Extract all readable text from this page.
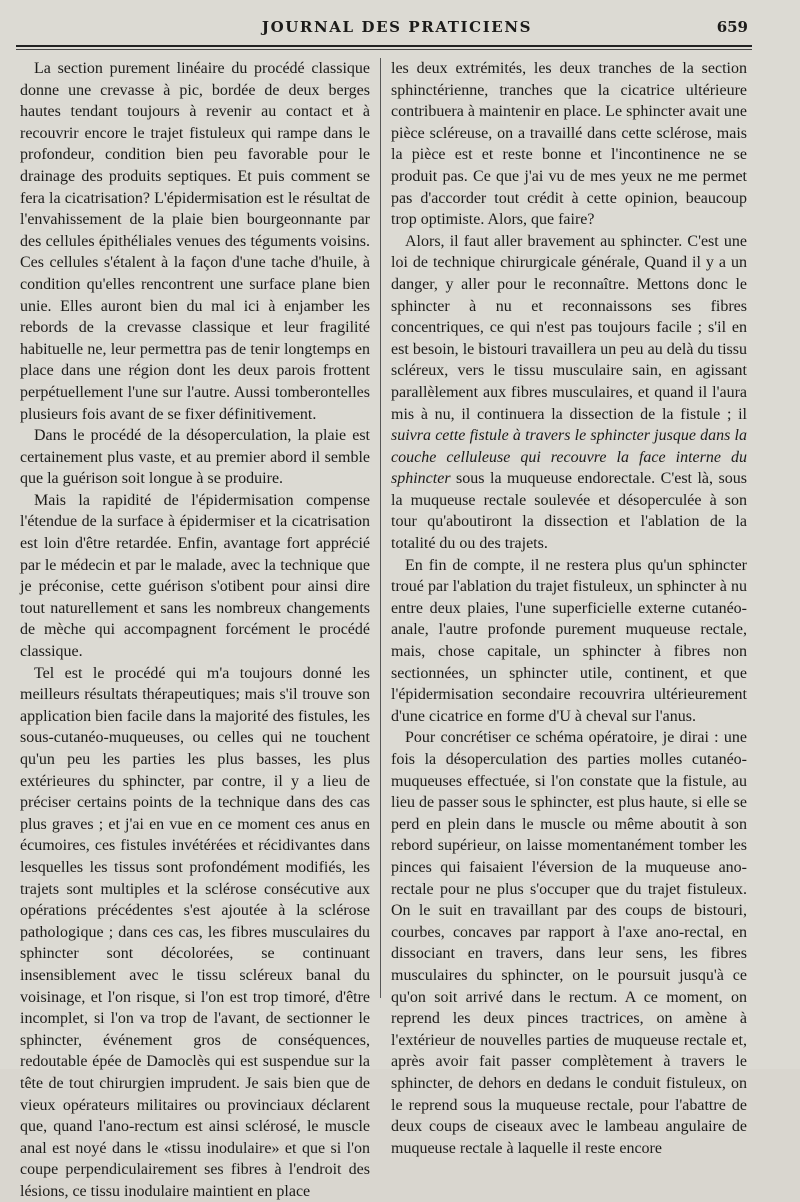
JOURNAL DES PRATICIENS	659

La section purement linéaire du procédé classique donne une crevasse à pic, bordée de deux berges hautes tendant toujours à revenir au contact et à recouvrir encore le trajet fistuleux qui rampe dans le profondeur, condition bien peu favorable pour le drainage des produits septiques. Et puis comment se fera la cicatrisation? L'épidermisation est le résultat de l'envahissement de la plaie bien bourgeonnante par des cellules épithéliales venues des téguments voisins. Ces cellules s'étalent à la façon d'une tache d'huile, à condition qu'elles rencontrent une surface plane bien unie. Elles auront bien du mal ici à enjamber les rebords de la crevasse classique et leur fragilité habituelle ne, leur permettra pas de tenir longtemps en place dans une région dont les deux parois frottent perpétuellement l'une sur l'autre. Aussi tomberontelles plusieurs fois avant de se fixer définitivement.

Dans le procédé de la désoperculation, la plaie est certainement plus vaste, et au premier abord il semble que la guérison soit longue à se produire.

Mais la rapidité de l'épidermisation compense l'étendue de la surface à épidermiser et la cicatrisation est loin d'être retardée. Enfin, avantage fort apprécié par le médecin et par le malade, avec la technique que je préconise, cette guérison s'otibent pour ainsi dire tout naturellement et sans les nombreux changements de mèche qui accompagnent forcément le procédé classique.

Tel est le procédé qui m'a toujours donné les meilleurs résultats thérapeutiques; mais s'il trouve son application bien facile dans la majorité des fistules, les sous-cutanéo-muqueuses, ou celles qui ne touchent qu'un peu les parties les plus basses, les plus extérieures du sphincter, par contre, il y a lieu de préciser certains points de la technique dans des cas plus graves ; et j'ai en vue en ce moment ces anus en écumoires, ces fistules invétérées et récidivantes dans lesquelles les tissus sont profondément modifiés, les trajets sont multiples et la sclérose consécutive aux opérations précédentes s'est ajoutée à la sclérose pathologique ; dans ces cas, les fibres musculaires du sphincter sont décolorées, se continuant insensiblement avec le tissu scléreux banal du voisinage, et l'on risque, si l'on est trop timoré, d'être incomplet, si l'on va trop de l'avant, de sectionner le sphincter, événement gros de conséquences, redoutable épée de Damoclès qui est suspendue sur la tête de tout chirurgien imprudent. Je sais bien que de vieux opérateurs militaires ou provinciaux déclarent que, quand l'ano-rectum est ainsi sclérosé, le muscle anal est noyé dans le «tissu inodulaire» et que si l'on coupe perpendiculairement ses fibres à l'endroit des lésions, ce tissu inodulaire maintient en place

les deux extrémités, les deux tranches de la section sphinctérienne, tranches que la cicatrice ultérieure contribuera à maintenir en place. Le sphincter avait une pièce scléreuse, on a travaillé dans cette sclérose, mais la pièce est et reste bonne et l'incontinence ne se produit pas. Ce que j'ai vu de mes yeux ne me permet pas d'accorder tout crédit à cette opinion, beaucoup trop optimiste. Alors, que faire?

Alors, il faut aller bravement au sphincter. C'est une loi de technique chirurgicale générale, Quand il y a un danger, y aller pour le reconnaître. Mettons donc le sphincter à nu et reconnaissons ses fibres concentriques, ce qui n'est pas toujours facile ; s'il en est besoin, le bistouri travaillera un peu au delà du tissu scléreux, vers le tissu musculaire sain, en agissant parallèlement aux fibres musculaires, et quand il l'aura mis à nu, il continuera la dissection de la fistule ; il suivra cette fistule à travers le sphincter jusque dans la couche celluleuse qui recouvre la face interne du sphincter sous la muqueuse endorectale. C'est là, sous la muqueuse rectale soulevée et désoperculée à son tour qu'aboutiront la dissection et l'ablation de la totalité du ou des trajets.

En fin de compte, il ne restera plus qu'un sphincter troué par l'ablation du trajet fistuleux, un sphincter à nu entre deux plaies, l'une superficielle externe cutanéo-anale, l'autre profonde purement muqueuse rectale, mais, chose capitale, un sphincter à fibres non sectionnées, un sphincter utile, continent, et que l'épidermisation secondaire recouvrira ultérieurement d'une cicatrice en forme d'U à cheval sur l'anus.

Pour concrétiser ce schéma opératoire, je dirai : une fois la désoperculation des parties molles cutanéo-muqueuses effectuée, si l'on constate que la fistule, au lieu de passer sous le sphincter, est plus haute, si elle se perd en plein dans le muscle ou même aboutit à son rebord supérieur, on laisse momentanément tomber les pinces qui faisaient l'éversion de la muqueuse ano-rectale pour ne plus s'occuper que du trajet fistuleux. On le suit en travaillant par des coups de bistouri, courbes, concaves par rapport à l'axe ano-rectal, en dissociant en travers, dans leur sens, les fibres musculaires du sphincter, on le poursuit jusqu'à ce qu'on soit arrivé dans le rectum. A ce moment, on reprend les deux pinces tractrices, on amène à l'extérieur de nouvelles parties de muqueuse rectale et, après avoir fait passer complètement à travers le sphincter, de dehors en dedans le conduit fistuleux, on le reprend sous la muqueuse rectale, pour l'abattre de deux coups de ciseaux avec le lambeau angulaire de muqueuse rectale à laquelle il reste encore
